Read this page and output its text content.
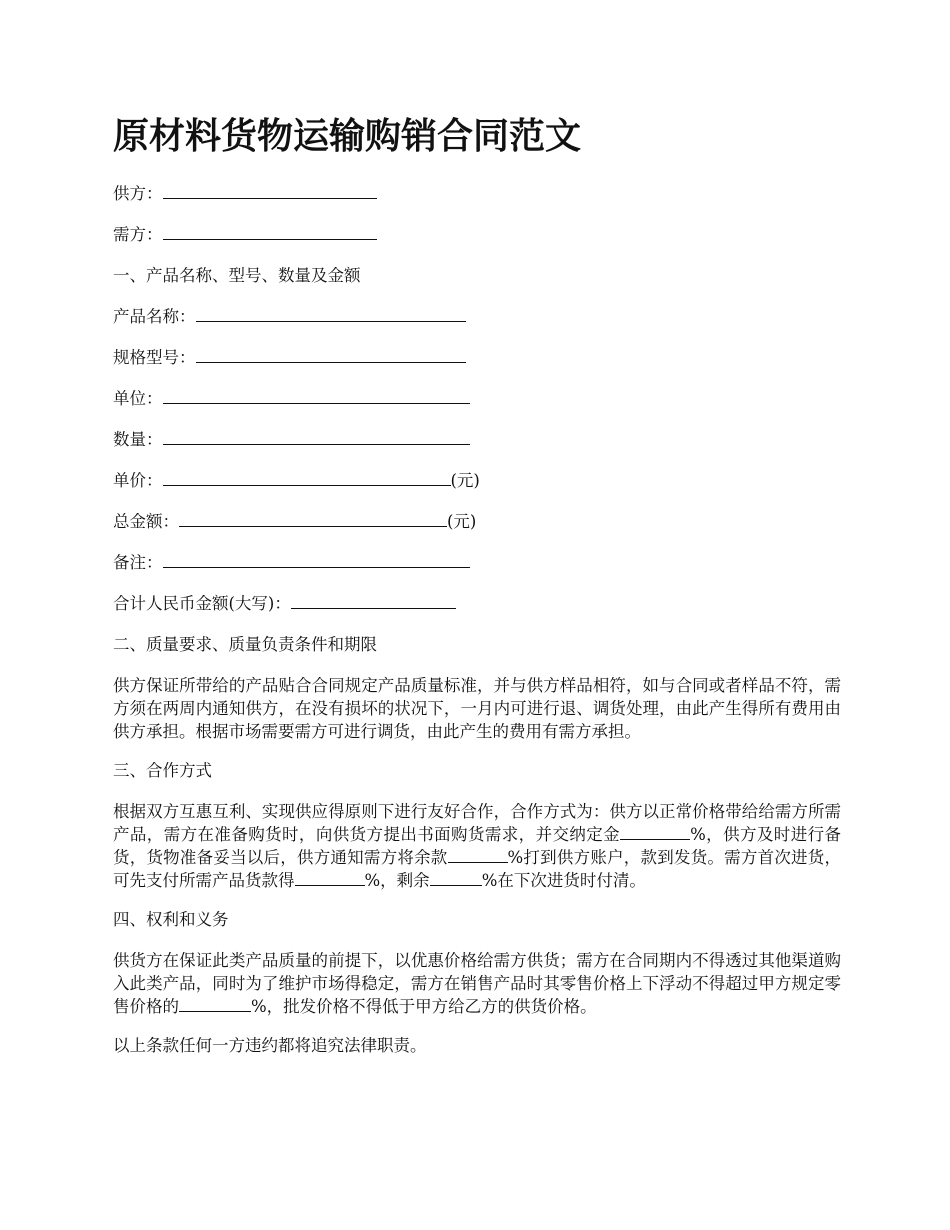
原材料货物运输购销合同范文
供方：
需方：
一、产品名称、型号、数量及金额
产品名称：
规格型号：
单位：
数量：
单价：	(元)
总金额：	(元)
备注：
合计人民币金额(大写)：
二、质量要求、质量负责条件和期限
供方保证所带给的产品贴合合同规定产品质量标准，并与供方样品相符，如与合同或者样品不符，需方须在两周内通知供方，在没有损坏的状况下，一月内可进行退、调货处理，由此产生得所有费用由供方承担。根据市场需要需方可进行调货，由此产生的费用有需方承担。
三、合作方式
根据双方互惠互利、实现供应得原则下进行友好合作，合作方式为：供方以正常价格带给给需方所需产品，需方在准备购货时，向供货方提出书面购货需求，并交纳定金	%，供方及时进行备货，货物准备妥当以后，供方通知需方将余款	%打到供方账户，款到发货。需方首次进货，可先支付所需产品货款得	%，剩余	%在下次进货时付清。
四、权利和义务
供货方在保证此类产品质量的前提下，以优惠价格给需方供货；需方在合同期内不得透过其他渠道购入此类产品，同时为了维护市场得稳定，需方在销售产品时其零售价格上下浮动不得超过甲方规定零售价格的	%，批发价格不得低于甲方给乙方的供货价格。
以上条款任何一方违约都将追究法律职责。
